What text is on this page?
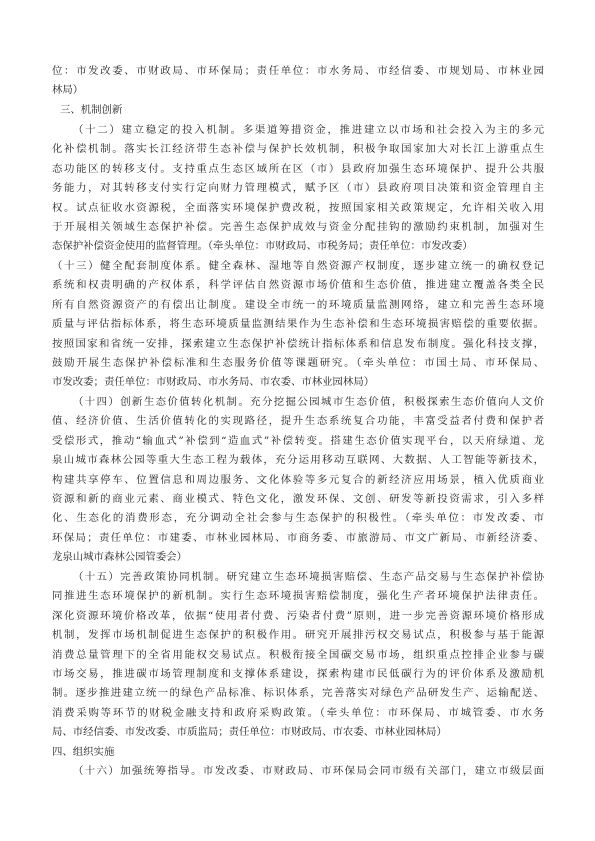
位：市发改委、市财政局、市环保局；责任单位：市水务局、市经信委、市规划局、市林业园
林局）
三、机制创新
（十二）建立稳定的投入机制。多渠道筹措资金，推进建立以市场和社会投入为主的多元
化补偿机制。落实长江经济带生态补偿与保护长效机制，积极争取国家加大对长江上游重点生
态功能区的转移支付。支持重点生态区域所在区（市）县政府加强生态环境保护、提升公共服
务能力，对其转移支付实行定向财力管理模式，赋予区（市）县政府项目决策和资金管理自主
权。试点征收水资源税，全面落实环境保护费改税，按照国家相关政策规定，允许相关收入用
于开展相关领域生态保护补偿。完善生态保护成效与资金分配挂钩的激励约束机制，加强对生
态保护补偿资金使用的监督管理。（牵头单位：市财政局、市税务局；责任单位：市发改委）
（十三）健全配套制度体系。健全森林、湿地等自然资源产权制度，逐步建立统一的确权登记
系统和权责明确的产权体系，科学评估自然资源市场价值和生态价值，推进建立覆盖各类全民
所有自然资源资产的有偿出让制度。建设全市统一的环境质量监测网络，建立和完善生态环境
质量与评估指标体系，将生态环境质量监测结果作为生态补偿和生态环境损害赔偿的重要依据。
按照国家和省统一安排，探索建立生态保护补偿统计指标体系和信息发布制度。强化科技支撑，
鼓励开展生态保护补偿标准和生态服务价值等课题研究。（牵头单位：市国土局、市环保局、
市发改委；责任单位：市财政局、市水务局、市农委、市林业园林局）
（十四）创新生态价值转化机制。充分挖掘公园城市生态价值，积极探索生态价值向人文价
值、经济价值、生活价值转化的实现路径，提升生态系统复合功能，丰富受益者付费和保护者
受偿形式，推动“输血式”补偿到“造血式”补偿转变。搭建生态价值实现平台，以天府绿道、龙
泉山城市森林公园等重大生态工程为载体，充分运用移动互联网、大数据、人工智能等新技术，
构建共享停车、位置信息和周边服务、文化体验等多元复合的新经济应用场景，植入优质商业
资源和新的商业元素、商业模式、特色文化，激发环保、文创、研发等新投资需求，引入多样
化、生态化的消费形态，充分调动全社会参与生态保护的积极性。（牵头单位：市发改委、市
环保局；责任单位：市建委、市林业园林局、市商务委、市旅游局、市文广新局、市新经济委、
龙泉山城市森林公园管委会）
（十五）完善政策协同机制。研究建立生态环境损害赔偿、生态产品交易与生态保护补偿协
同推进生态环境保护的新机制。实行生态环境损害赔偿制度，强化生产者环境保护法律责任。
深化资源环境价格改革，依据“使用者付费、污染者付费”原则，进一步完善资源环境价格形成
机制，发挥市场机制促进生态保护的积极作用。研究开展排污权交易试点，积极参与基于能源
消费总量管理下的全省用能权交易试点。积极衔接全国碳交易市场，组织重点控排企业参与碳
市场交易，推进碳市场管理制度和支撑体系建设，探索构建市民低碳行为的评价体系及激励机
制。逐步推进建立统一的绿色产品标准、标识体系，完善落实对绿色产品研发生产、运输配送、
消费采购等环节的财税金融支持和政府采购政策。（牵头单位：市环保局、市城管委、市水务
局、市经信委、市发改委、市质监局；责任单位：市财政局、市农委、市林业园林局）
四、组织实施
（十六）加强统筹指导。市发改委、市财政局、市环保局会同市级有关部门，建立市级层面
